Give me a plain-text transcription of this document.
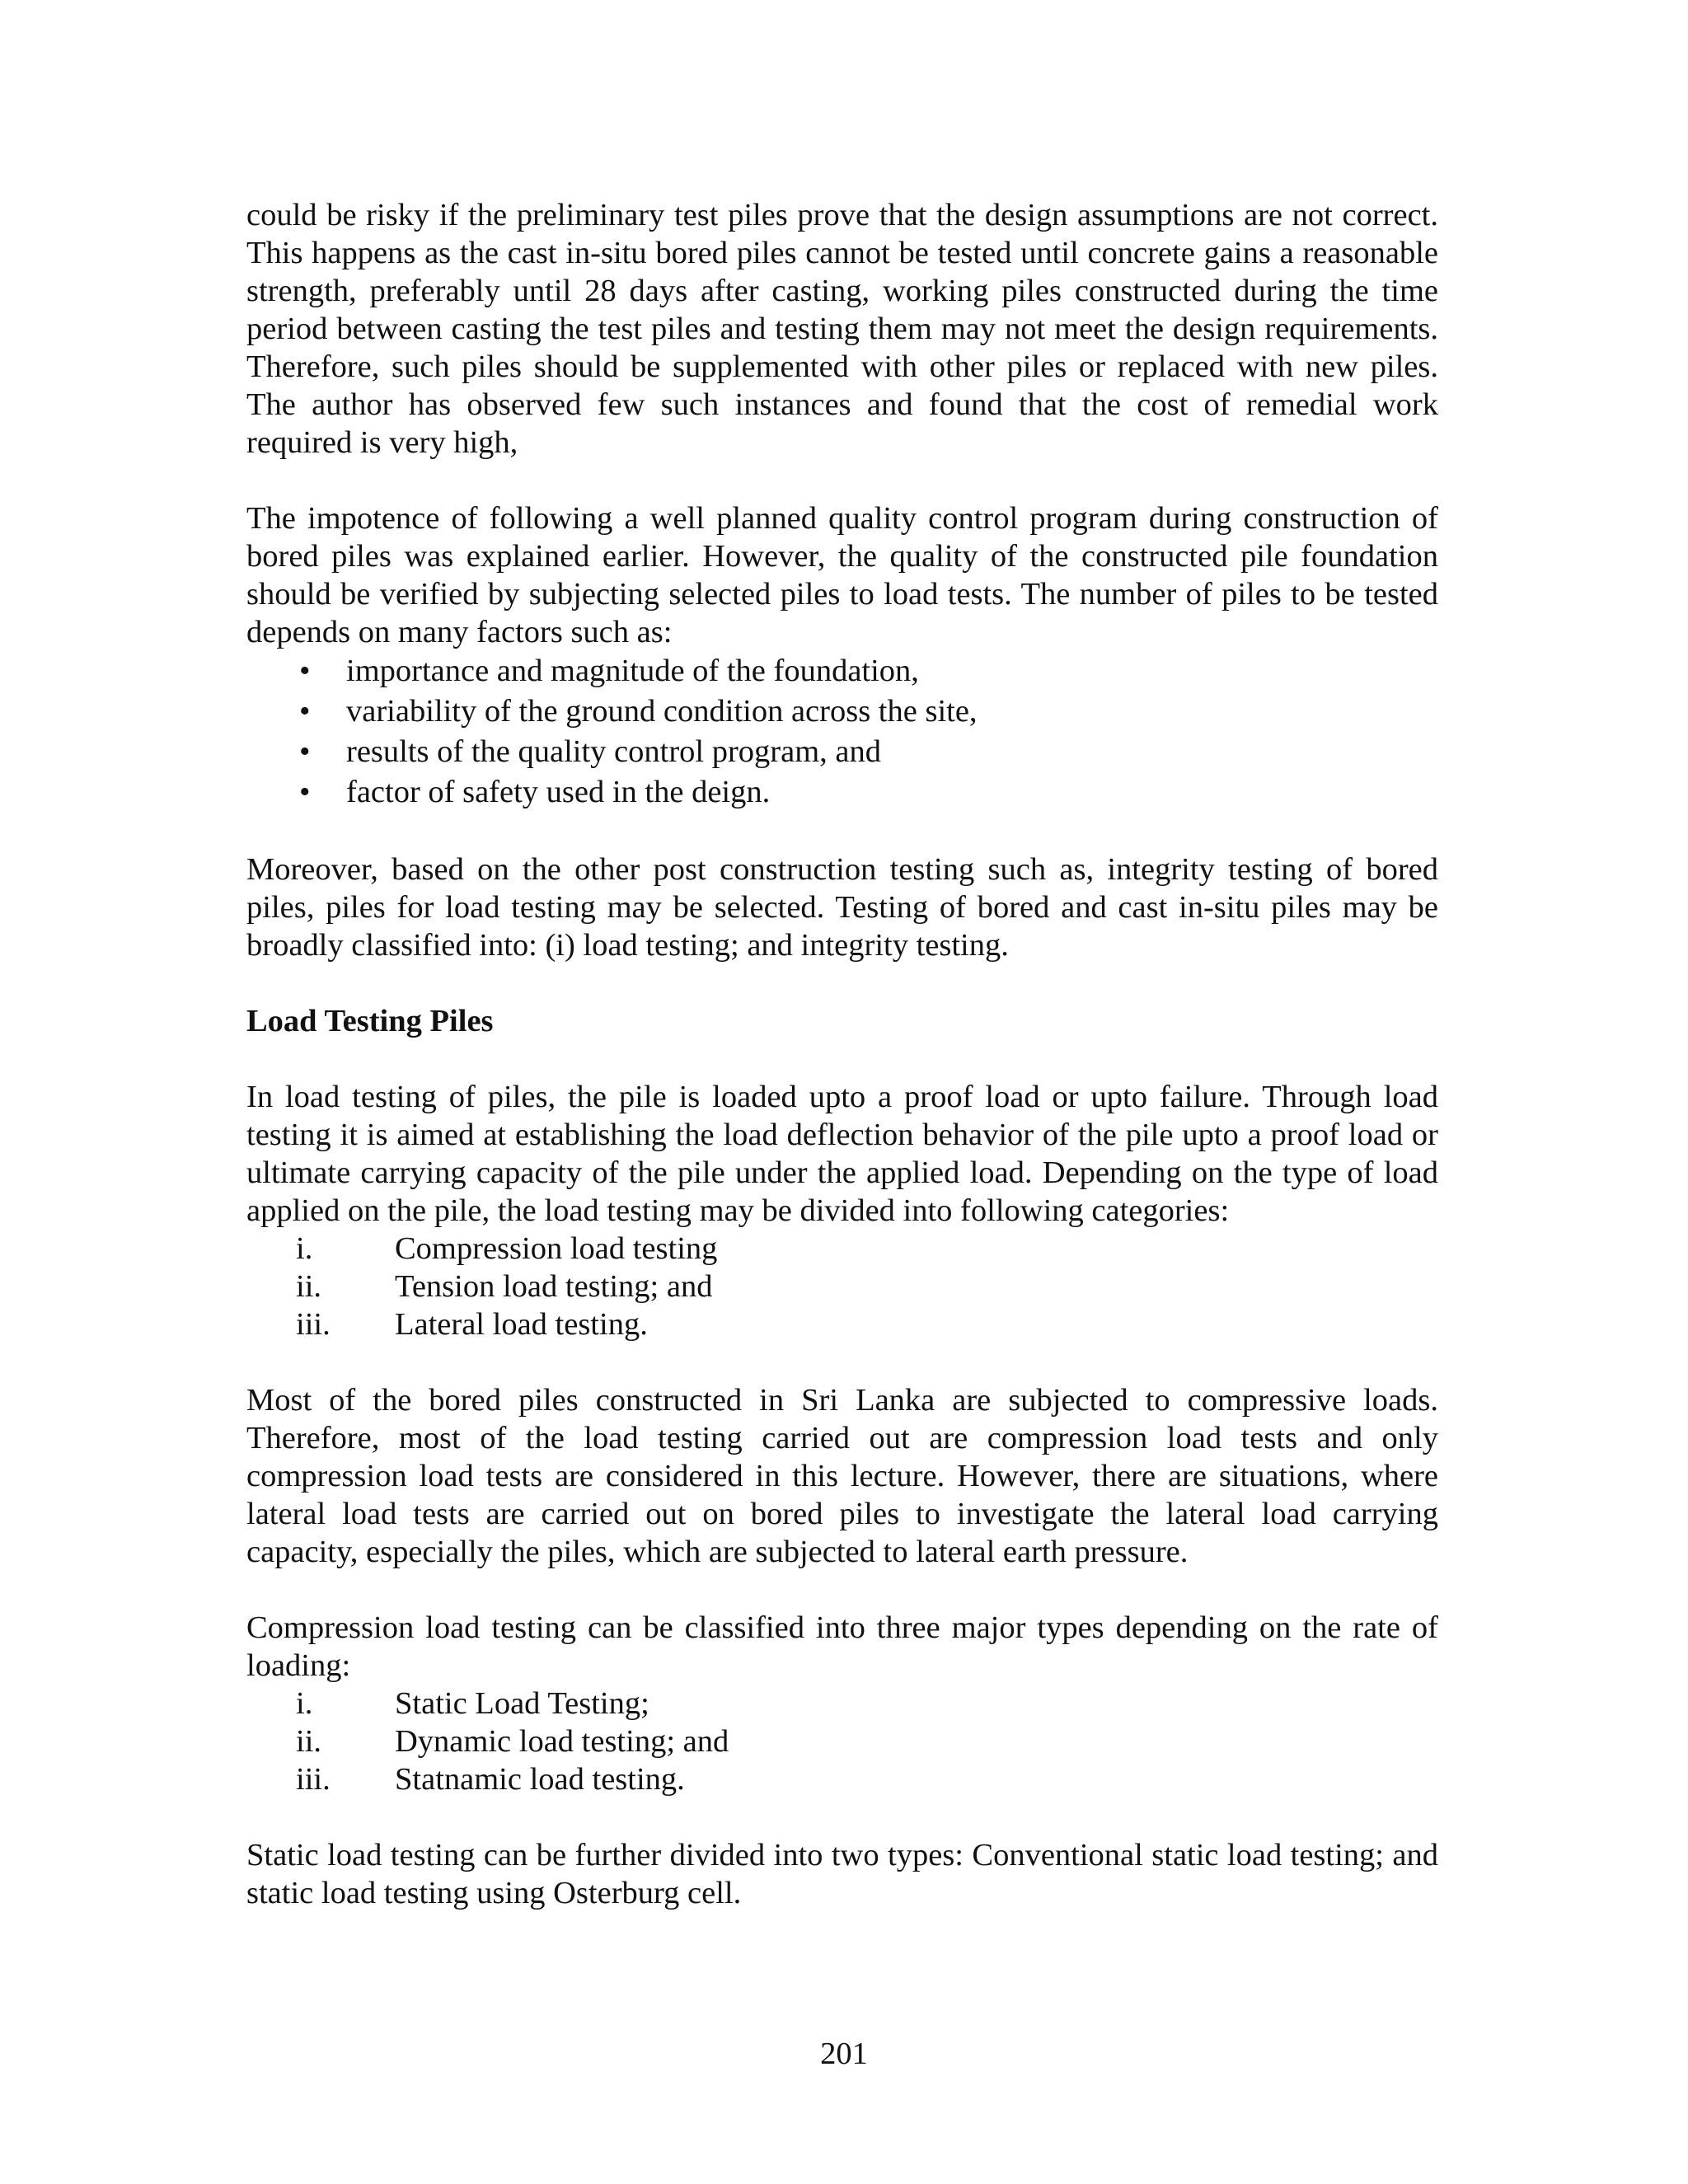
could be risky if the preliminary test piles prove that the design assumptions are not correct. This happens as the cast in-situ bored piles cannot be tested until concrete gains a reasonable strength, preferably until 28 days after casting, working piles constructed during the time period between casting the test piles and testing them may not meet the design requirements. Therefore, such piles should be supplemented with other piles or replaced with new piles. The author has observed few such instances and found that the cost of remedial work required is very high,

The impotence of following a well planned quality control program during construction of bored piles was explained earlier. However, the quality of the constructed pile foundation should be verified by subjecting selected piles to load tests. The number of piles to be tested depends on many factors such as:

• importance and magnitude of the foundation,
• variability of the ground condition across the site,
• results of the quality control program, and
• factor of safety used in the deign.

Moreover, based on the other post construction testing such as, integrity testing of bored piles, piles for load testing may be selected. Testing of bored and cast in-situ piles may be broadly classified into: (i) load testing; and integrity testing.

Load Testing Piles

In load testing of piles, the pile is loaded upto a proof load or upto failure. Through load testing it is aimed at establishing the load deflection behavior of the pile upto a proof load or ultimate carrying capacity of the pile under the applied load. Depending on the type of load applied on the pile, the load testing may be divided into following categories:

i.	Compression load testing
ii.	Tension load testing; and
iii.	Lateral load testing.

Most of the bored piles constructed in Sri Lanka are subjected to compressive loads. Therefore, most of the load testing carried out are compression load tests and only compression load tests are considered in this lecture. However, there are situations, where lateral load tests are carried out on bored piles to investigate the lateral load carrying capacity, especially the piles, which are subjected to lateral earth pressure.

Compression load testing can be classified into three major types depending on the rate of loading:

i.	Static Load Testing;
ii.	Dynamic load testing; and
iii.	Statnamic load testing.

Static load testing can be further divided into two types: Conventional static load testing; and static load testing using Osterburg cell.

201
